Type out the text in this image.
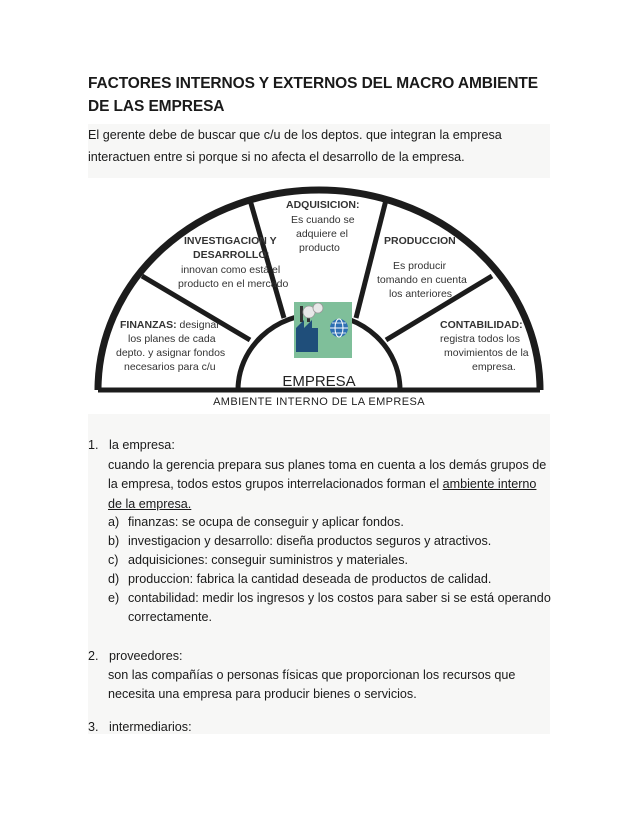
FACTORES INTERNOS Y EXTERNOS DEL MACRO AMBIENTE DE LAS EMPRESA
El gerente debe de buscar que c/u de los deptos. que integran la empresa interactuen entre si porque si no afecta el desarrollo de la empresa.
FINANZAS: designar
los planes de cada
depto. y asignar fondos
necesarios para c/u
INVESTIGACION Y
DESARROLLO:
innovan como está el
producto en el mercado
ADQUISICION:
Es cuando se
adquiere el
producto
PRODUCCION
Es producir
tomando en cuenta
los anteriores
CONTABILIDAD:
registra todos los
movimientos de la
empresa.
EMPRESA
AMBIENTE INTERNO DE LA EMPRESA
1. la empresa:
cuando la gerencia prepara sus planes toma en cuenta a los demás grupos de
la empresa, todos estos grupos interrelacionados forman el ambiente interno
de la empresa.
a) finanzas: se ocupa de conseguir y aplicar fondos.
b) investigacion y desarrollo: diseña productos seguros y atractivos.
c) adquisiciones: conseguir suministros y materiales.
d) produccion: fabrica la cantidad deseada de productos de calidad.
e) contabilidad: medir los ingresos y los costos para saber si se está operando
correctamente.
2. proveedores:
son las compañías o personas físicas que proporcionan los recursos que
necesita una empresa para producir bienes o servicios.
3. intermediarios:
